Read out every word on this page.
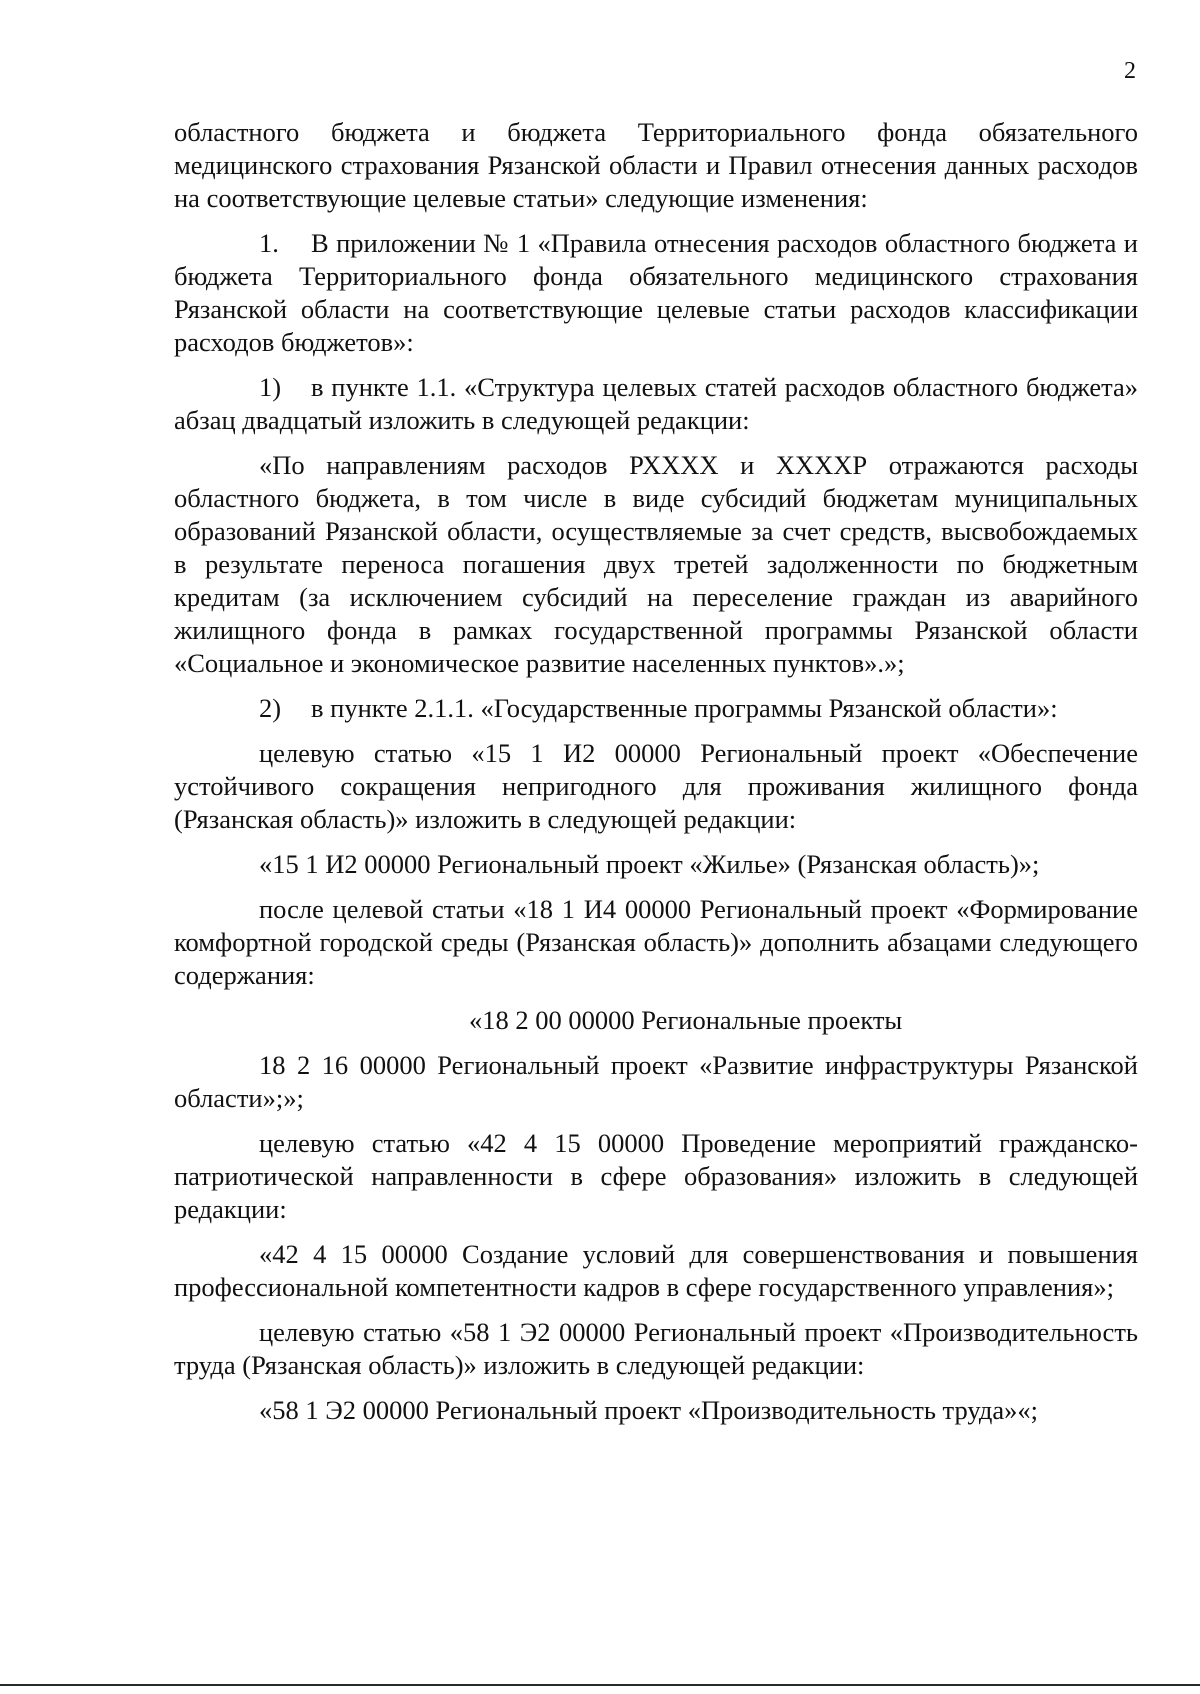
2

областного бюджета и бюджета Территориального фонда обязательного медицинского страхования Рязанской области и Правил отнесения данных расходов на соответствующие целевые статьи» следующие изменения:

1. В приложении № 1 «Правила отнесения расходов областного бюджета и бюджета Территориального фонда обязательного медицинского страхования Рязанской области на соответствующие целевые статьи расходов классификации расходов бюджетов»:

1) в пункте 1.1. «Структура целевых статей расходов областного бюджета» абзац двадцатый изложить в следующей редакции:

«По направлениям расходов РХХХХ и ХХХХР отражаются расходы областного бюджета, в том числе в виде субсидий бюджетам муниципальных образований Рязанской области, осуществляемые за счет средств, высвобождаемых в результате переноса погашения двух третей задолженности по бюджетным кредитам (за исключением субсидий на переселение граждан из аварийного жилищного фонда в рамках государственной программы Рязанской области «Социальное и экономическое развитие населенных пунктов».»;

2) в пункте 2.1.1. «Государственные программы Рязанской области»:

целевую статью «15 1 И2 00000 Региональный проект «Обеспечение устойчивого сокращения непригодного для проживания жилищного фонда (Рязанская область)» изложить в следующей редакции:

«15 1 И2 00000 Региональный проект «Жилье» (Рязанская область)»;

после целевой статьи «18 1 И4 00000 Региональный проект «Формирование комфортной городской среды (Рязанская область)» дополнить абзацами следующего содержания:

«18 2 00 00000 Региональные проекты

18 2 16 00000 Региональный проект «Развитие инфраструктуры Рязанской области»;»;

целевую статью «42 4 15 00000 Проведение мероприятий гражданско-патриотической направленности в сфере образования» изложить в следующей редакции:

«42 4 15 00000 Создание условий для совершенствования и повышения профессиональной компетентности кадров в сфере государственного управления»;

целевую статью «58 1 Э2 00000 Региональный проект «Производительность труда (Рязанская область)» изложить в следующей редакции:

«58 1 Э2 00000 Региональный проект «Производительность труда»«;
